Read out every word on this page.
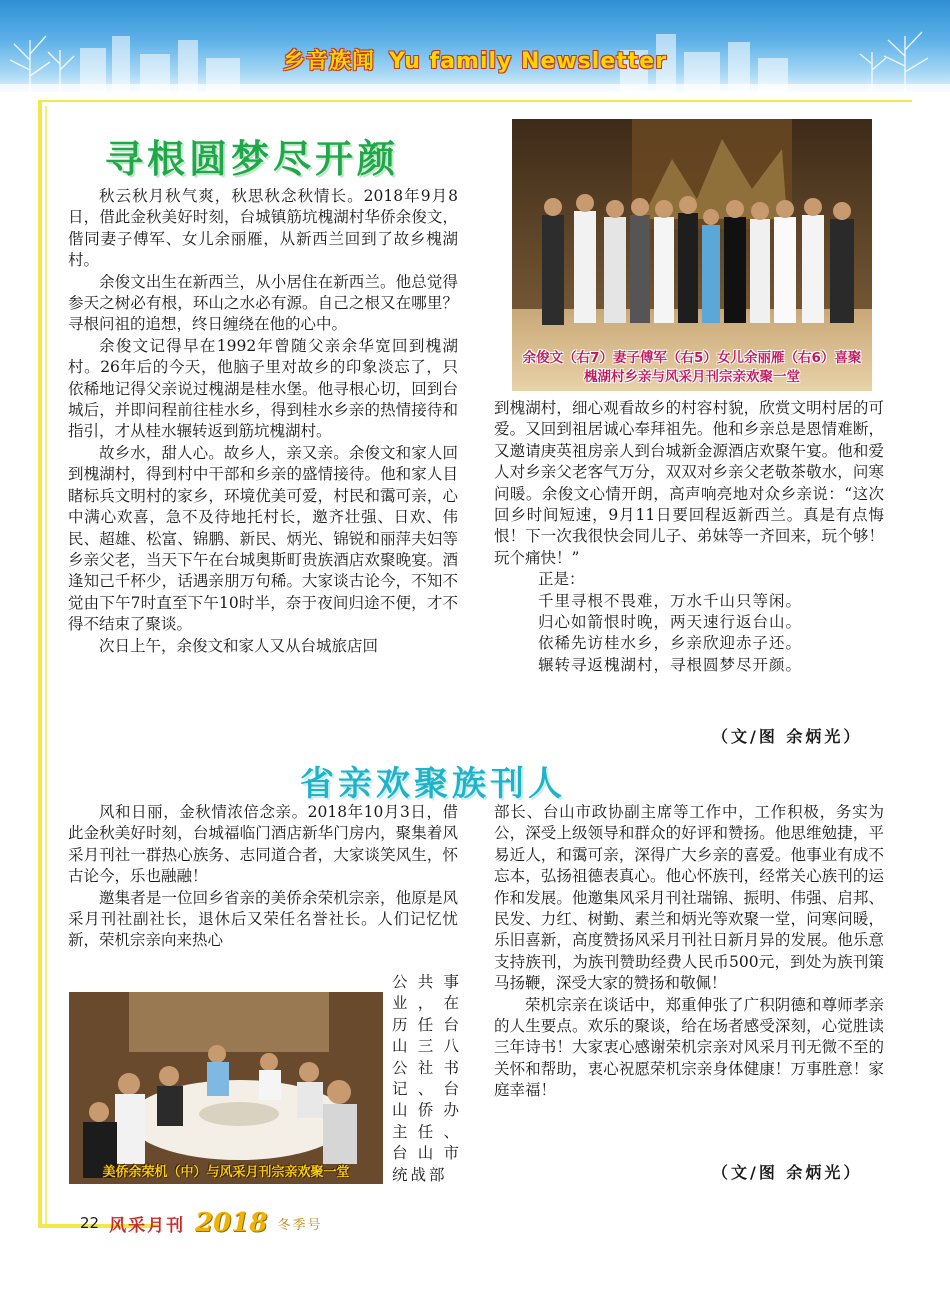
乡音族闻 Yu family Newsletter
寻根圆梦尽开颜

秋云秋月秋气爽，秋思秋念秋情长。2018年9月8日，借此金秋美好时刻，台城镇筋坑槐湖村华侨余俊文，偕同妻子傅军、女儿余丽雁，从新西兰回到了故乡槐湖村。

余俊文出生在新西兰，从小居住在新西兰。他总觉得参天之树必有根，环山之水必有源。自己之根又在哪里？寻根问祖的追想，终日缠绕在他的心中。

余俊文记得早在1992年曾随父亲余华宽回到槐湖村。26年后的今天，他脑子里对故乡的印象淡忘了，只依稀地记得父亲说过槐湖是桂水堡。他寻根心切，回到台城后，并即问程前往桂水乡，得到桂水乡亲的热情接待和指引，才从桂水辗转返到筋坑槐湖村。

故乡水，甜人心。故乡人，亲又亲。余俊文和家人回到槐湖村，得到村中干部和乡亲的盛情接待。他和家人目睹标兵文明村的家乡，环境优美可爱，村民和霭可亲，心中满心欢喜，急不及待地托村长，邀齐壮强、日欢、伟民、超雄、松富、锦鹏、新民、炳光、锦锐和丽萍夫妇等乡亲父老，当天下午在台城奥斯町贵族酒店欢聚晚宴。酒逢知己千杯少，话遇亲朋万句稀。大家谈古论今，不知不觉由下午7时直至下午10时半，奈于夜间归途不便，才不得不结束了聚谈。

次日上午，余俊文和家人又从台城旅店回

余俊文（右7）妻子傅军（右5）女儿余丽雁（右6）喜聚槐湖村乡亲与风采月刊宗亲欢聚一堂

到槐湖村，细心观看故乡的村容村貌，欣赏文明村居的可爱。又回到祖居诚心奉拜祖先。他和乡亲总是恩情难断，又邀请庚英祖房亲人到台城新金源酒店欢聚午宴。他和爱人对乡亲父老客气万分，双双对乡亲父老敬茶敬水，问寒问暖。余俊文心情开朗，高声响亮地对众乡亲说：“这次回乡时间短速，9月11日要回程返新西兰。真是有点悔恨！下一次我很快会同儿子、弟妹等一齐回来，玩个够！玩个痛快！”

正是：
千里寻根不畏难，万水千山只等闲。
归心如箭恨时晚，两天速行返台山。
依稀先访桂水乡，乡亲欣迎赤子还。
辗转寻返槐湖村，寻根圆梦尽开颜。
（文/图 余炳光）
省亲欢聚族刊人

风和日丽，金秋情浓倍念亲。2018年10月3日，借此金秋美好时刻，台城福临门酒店新华门房内，聚集着风采月刊社一群热心族务、志同道合者，大家谈笑风生，怀古论今，乐也融融！

邀集者是一位回乡省亲的美侨余荣机宗亲，他原是风采月刊社副社长，退休后又荣任名誉社长。人们记忆忧新，荣机宗亲向来热心

公共事业，在历任台山三八公社书记、台山侨办主任、台山市统战部
美侨余荣机（中）与风采月刊宗亲欢聚一堂

部长、台山市政协副主席等工作中，工作积极，务实为公，深受上级领导和群众的好评和赞扬。他思维勉捷，平易近人，和霭可亲，深得广大乡亲的喜爱。他事业有成不忘本，弘扬祖德表真心。他心怀族刊，经常关心族刊的运作和发展。他邀集风采月刊社瑞锦、振明、伟强、启邦、民发、力红、树勤、素兰和炳光等欢聚一堂，问寒问暖，乐旧喜新，高度赞扬风采月刊社日新月异的发展。他乐意支持族刊，为族刊赞助经费人民币500元，到处为族刊策马扬鞭，深受大家的赞扬和敬佩！

荣机宗亲在谈话中，郑重伸张了广积阴德和尊师孝亲的人生要点。欢乐的聚谈，给在场者感受深刻，心觉胜读三年诗书！大家衷心感谢荣机宗亲对风采月刊无微不至的关怀和帮助，衷心祝愿荣机宗亲身体健康！万事胜意！家庭幸福！

（文/图 余炳光）
22 风采月刊 2018 冬季号
